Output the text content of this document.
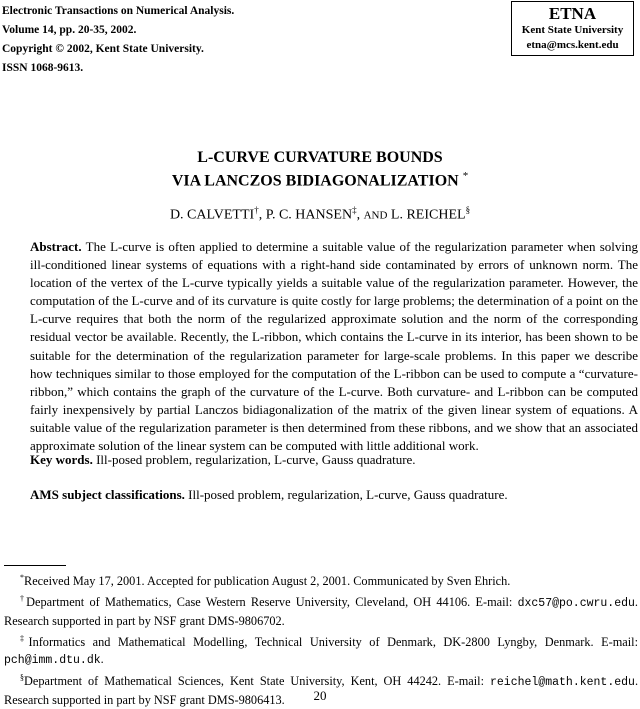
Electronic Transactions on Numerical Analysis.
Volume 14, pp. 20-35, 2002.
Copyright © 2002, Kent State University.
ISSN 1068-9613.
ETNA
Kent State University
etna@mcs.kent.edu
L-CURVE CURVATURE BOUNDS
VIA LANCZOS BIDIAGONALIZATION *
D. CALVETTI†, P. C. HANSEN‡, AND L. REICHEL§
Abstract. The L-curve is often applied to determine a suitable value of the regularization parameter when solving ill-conditioned linear systems of equations with a right-hand side contaminated by errors of unknown norm. The location of the vertex of the L-curve typically yields a suitable value of the regularization parameter. However, the computation of the L-curve and of its curvature is quite costly for large problems; the determination of a point on the L-curve requires that both the norm of the regularized approximate solution and the norm of the corresponding residual vector be available. Recently, the L-ribbon, which contains the L-curve in its interior, has been shown to be suitable for the determination of the regularization parameter for large-scale problems. In this paper we describe how techniques similar to those employed for the computation of the L-ribbon can be used to compute a “curvature-ribbon,” which contains the graph of the curvature of the L-curve. Both curvature- and L-ribbon can be computed fairly inexpensively by partial Lanczos bidiagonalization of the matrix of the given linear system of equations. A suitable value of the regularization parameter is then determined from these ribbons, and we show that an associated approximate solution of the linear system can be computed with little additional work.
Key words. Ill-posed problem, regularization, L-curve, Gauss quadrature.
AMS subject classifications. Ill-posed problem, regularization, L-curve, Gauss quadrature.
*Received May 17, 2001. Accepted for publication August 2, 2001. Communicated by Sven Ehrich.
†Department of Mathematics, Case Western Reserve University, Cleveland, OH 44106. E-mail: dxc57@po.cwru.edu. Research supported in part by NSF grant DMS-9806702.
‡Informatics and Mathematical Modelling, Technical University of Denmark, DK-2800 Lyngby, Denmark. E-mail: pch@imm.dtu.dk.
§Department of Mathematical Sciences, Kent State University, Kent, OH 44242. E-mail: reichel@math.kent.edu. Research supported in part by NSF grant DMS-9806413.	20
